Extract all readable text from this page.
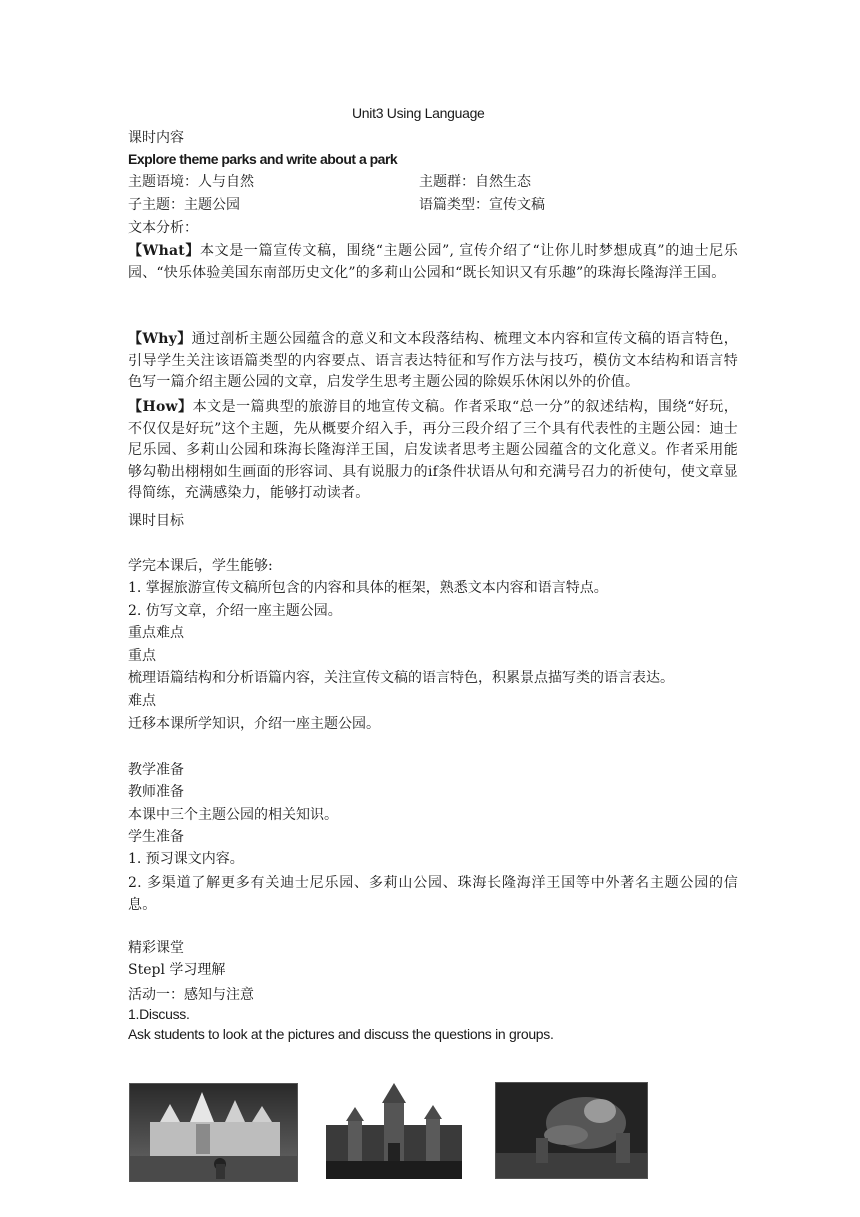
Unit3 Using Language
课时内容
Explore theme parks and write about a park
主题语境：人与自然	主题群：自然生态
子主题：主题公园	语篇类型：宣传文稿
文本分析：
【What】本文是一篇宣传文稿，围绕“主题公园”, 宣传介绍了“让你儿时梦想成真”的迪士尼乐园、“快乐体验美国东南部历史文化”的多莉山公园和“既长知识又有乐趣”的珠海长隆海洋王国。
【Why】通过剖析主题公园蕴含的意义和文本段落结构、梳理文本内容和宣传文稿的语言特色，引导学生关注该语篇类型的内容要点、语言表达特征和写作方法与技巧，模仿文本结构和语言特色写一篇介绍主题公园的文章，启发学生思考主题公园的除娱乐休闲以外的价值。
【How】本文是一篇典型的旅游目的地宣传文稿。作者采取“总一分”的叙述结构，围绕“好玩，不仅仅是好玩”这个主题，先从概要介绍入手，再分三段介绍了三个具有代表性的主题公园：迪士尼乐园、多莉山公园和珠海长隆海洋王国，启发读者思考主题公园蕴含的文化意义。作者采用能够勾勒出栩栩如生画面的形容词、具有说服力的if条件状语从句和充满号召力的祈使句，使文章显得简练，充满感染力，能够打动读者。
课时目标
学完本课后，学生能够:
1. 掌握旅游宣传文稿所包含的内容和具体的框架，熟悉文本内容和语言特点。
2. 仿写文章，介绍一座主题公园。
重点难点
重点
梳理语篇结构和分析语篇内容，关注宣传文稿的语言特色，积累景点描写类的语言表达。
难点
迁移本课所学知识，介绍一座主题公园。
教学准备
教师准备
本课中三个主题公园的相关知识。
学生准备
1. 预习课文内容。
2. 多渠道了解更多有关迪士尼乐园、多莉山公园、珠海长隆海洋王国等中外著名主题公园的信息。
精彩课堂
Stepl 学习理解
活动一：感知与注意
1.Discuss.
Ask students to look at the pictures and discuss the questions in groups.
